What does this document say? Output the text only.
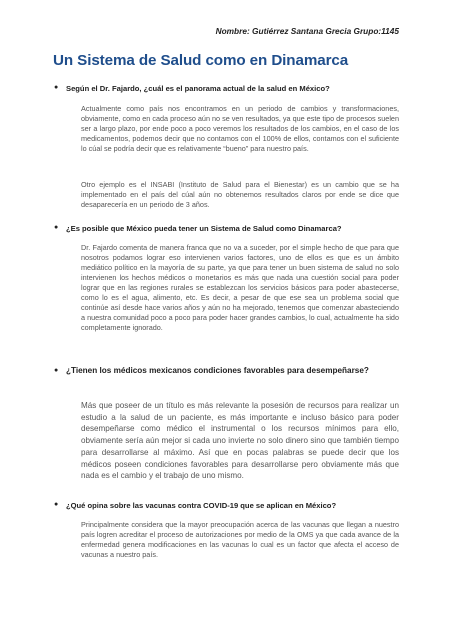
Nombre: Gutiérrez Santana Grecia Grupo:1145
Un Sistema de Salud como en Dinamarca
● Según el Dr. Fajardo, ¿cuál es el panorama actual de la salud en México?
Actualmente como país nos encontramos en un periodo de cambios y transformaciones, obviamente, como en cada proceso aún no se ven resultados, ya que este tipo de procesos suelen ser a largo plazo, por ende poco a poco veremos los resultados de los cambios, en el caso de los medicamentos, podemos decir que no contamos con el 100% de ellos, contamos con el suficiente lo cúal se podría decir que es relativamente “bueno” para nuestro país.
Otro ejemplo es el INSABI (Instituto de Salud para el Bienestar) es un cambio que se ha implementado en el país del cúal aún no obtenemos resultados claros por ende se dice que desaparecería en un periodo de 3 años.
● ¿Es posible que México pueda tener un Sistema de Salud como Dinamarca?
Dr. Fajardo comenta de manera franca que no va a suceder, por el simple hecho de que para que nosotros podamos lograr eso intervienen varios factores, uno de ellos es que es un ámbito mediático político en la mayoría de su parte, ya que para tener un buen sistema de salud no solo intervienen los hechos médicos o monetarios es más que nada una cuestión social para poder lograr que en las regiones rurales se establezcan los servicios básicos para poder abastecerse, como lo es el agua, alimento, etc. Es decir, a pesar de que ese sea un problema social que continúe así desde hace varios años y aún no ha mejorado, tenemos que comenzar abasteciendo a nuestra comunidad poco a poco para poder hacer grandes cambios, lo cual, actualmente ha sido completamente ignorado.
● ¿Tienen los médicos mexicanos condiciones favorables para desempeñarse?
Más que poseer de un título es más relevante la posesión de recursos para realizar un estudio a la salud de un paciente, es más importante e incluso básico para poder desempeñarse como médico el instrumental o los recursos mínimos para ello, obviamente sería aún mejor si cada uno invierte no solo dinero sino que también tiempo para desarrollarse al máximo. Así que en pocas palabras se puede decir que los médicos poseen condiciones favorables para desarrollarse pero obviamente más que nada es el cambio y el trabajo de uno mismo.
● ¿Qué opina sobre las vacunas contra COVID-19 que se aplican en México?
Principalmente considera que la mayor preocupación acerca de las vacunas que llegan a nuestro país logren acreditar el proceso de autorizaciones por medio de la OMS ya que cada avance de la enfermedad genera modificaciones en las vacunas lo cual es un factor que afecta el acceso de vacunas a nuestro país.
